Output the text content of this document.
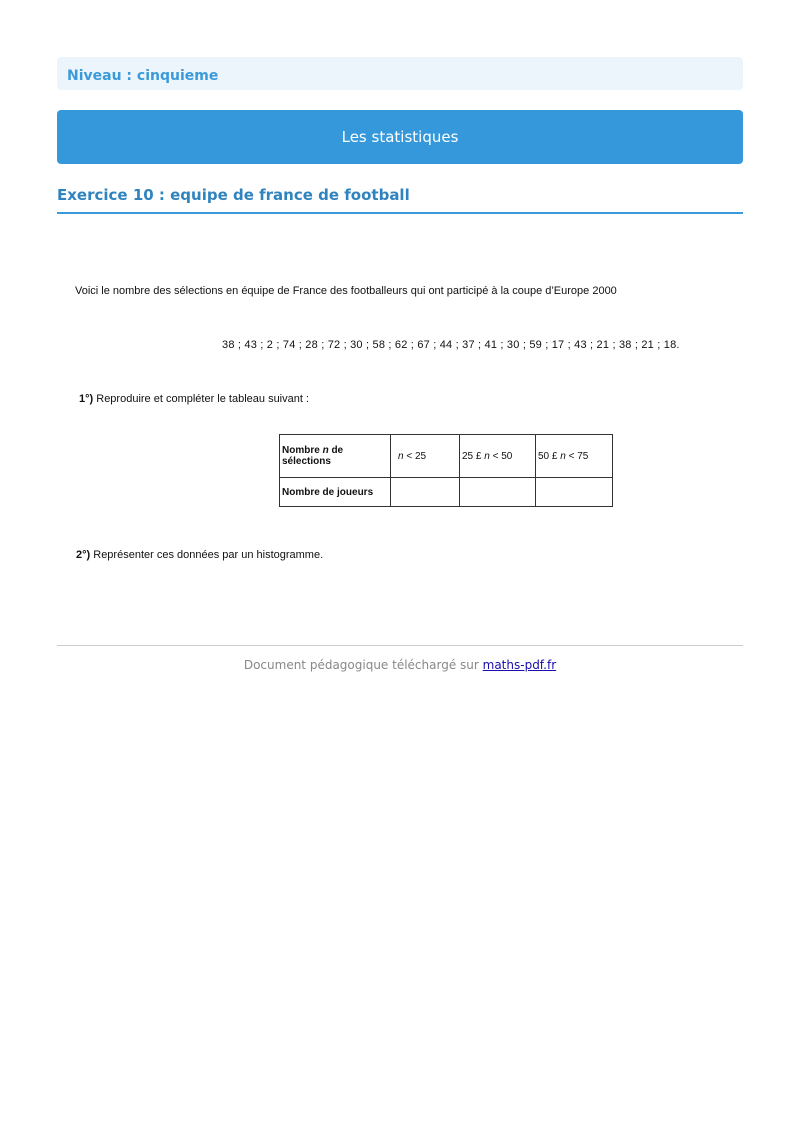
Niveau : cinquieme
Les statistiques
Exercice 10 : equipe de france de football
Voici le nombre des sélections en équipe de France des footballeurs qui ont participé à la coupe d’Europe 2000
38 ; 43 ; 2 ; 74 ; 28 ; 72 ; 30 ; 58 ; 62 ; 67 ; 44 ; 37 ; 41 ; 30 ; 59 ; 17 ; 43 ; 21 ; 38 ; 21 ; 18.
1°) Reproduire et compléter le tableau suivant :
Nombre n de sélections	n < 25	25 £ n < 50	50 £ n < 75
Nombre de joueurs			
2°) Représenter ces données par un histogramme.
Document pédagogique téléchargé sur maths-pdf.fr
